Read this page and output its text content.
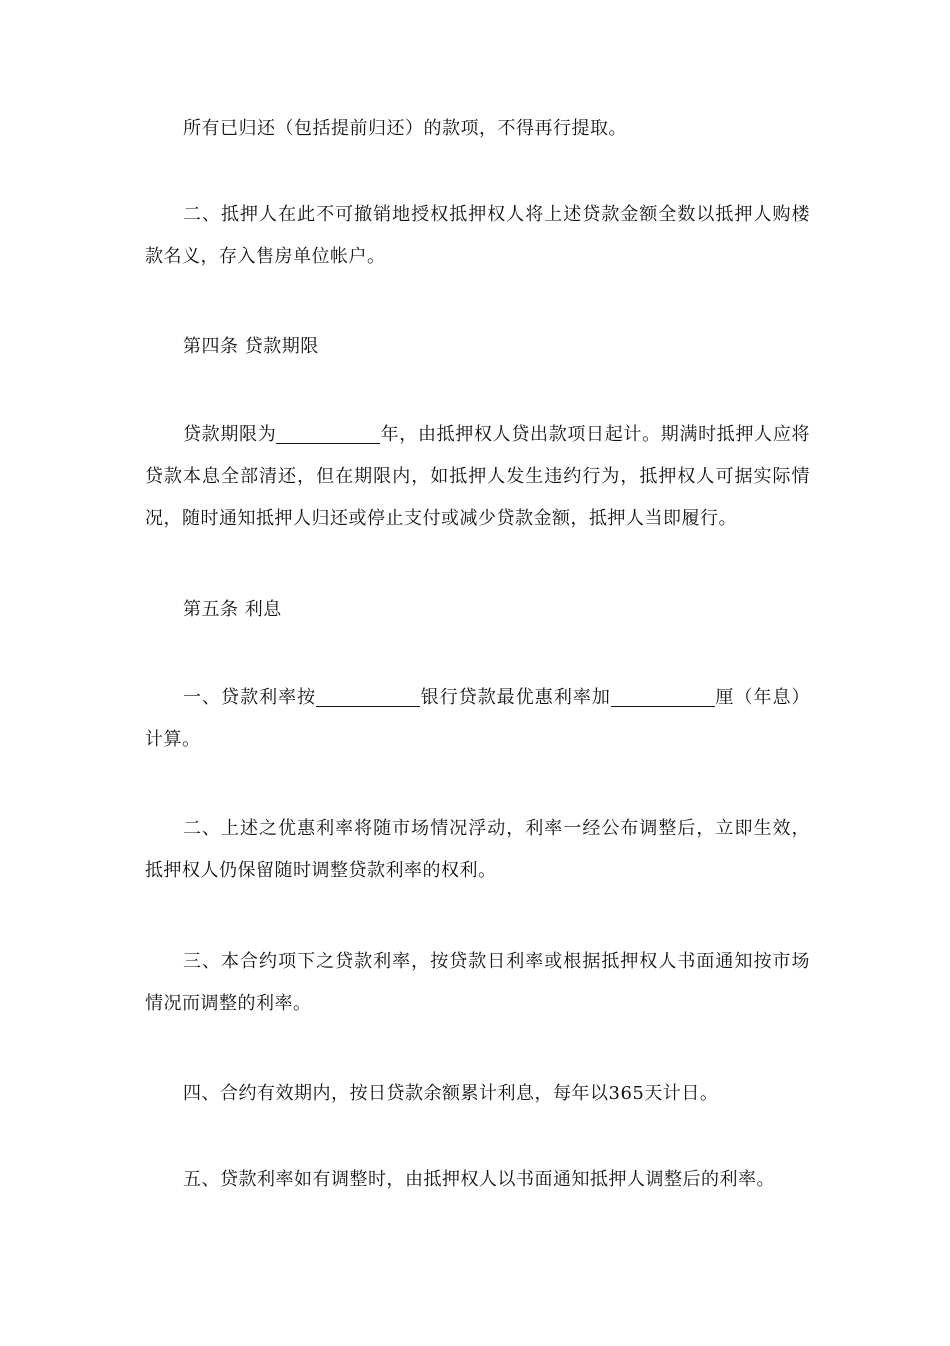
所有已归还（包括提前归还）的款项，不得再行提取。

二、抵押人在此不可撤销地授权抵押权人将上述贷款金额全数以抵押人购楼款名义，存入售房单位帐户。

第四条 贷款期限

贷款期限为	年，由抵押权人贷出款项日起计。期满时抵押人应将贷款本息全部清还，但在期限内，如抵押人发生违约行为，抵押权人可据实际情况，随时通知抵押人归还或停止支付或减少贷款金额，抵押人当即履行。

第五条 利息

一、贷款利率按	银行贷款最优惠利率加	厘（年息）计算。

二、上述之优惠利率将随市场情况浮动，利率一经公布调整后，立即生效，抵押权人仍保留随时调整贷款利率的权利。

三、本合约项下之贷款利率，按贷款日利率或根据抵押权人书面通知按市场情况而调整的利率。

四、合约有效期内，按日贷款余额累计利息，每年以365天计日。

五、贷款利率如有调整时，由抵押权人以书面通知抵押人调整后的利率。
